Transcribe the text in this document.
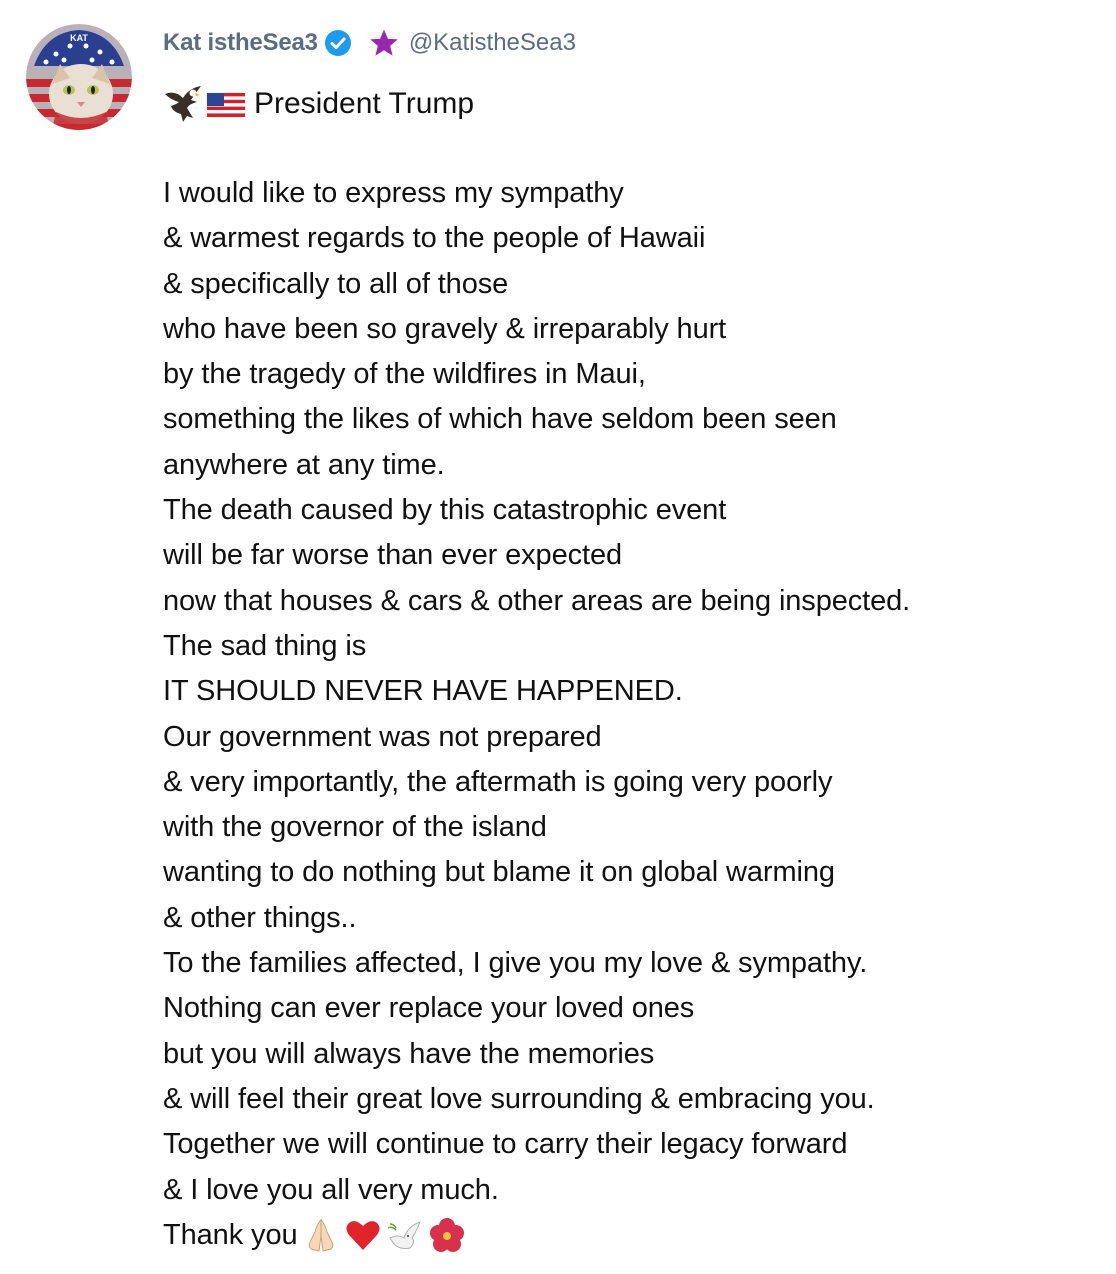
KAT	Kat istheSea3	@KatistheSea3
President Trump
I would like to express my sympathy
& warmest regards to the people of Hawaii
& specifically to all of those
who have been so gravely & irreparably hurt
by the tragedy of the wildfires in Maui,
something the likes of which have seldom been seen
anywhere at any time.
The death caused by this catastrophic event
will be far worse than ever expected
now that houses & cars & other areas are being inspected.
The sad thing is
IT SHOULD NEVER HAVE HAPPENED.
Our government was not prepared
& very importantly, the aftermath is going very poorly
with the governor of the island
wanting to do nothing but blame it on global warming
& other things..
To the families affected, I give you my love & sympathy.
Nothing can ever replace your loved ones
but you will always have the memories
& will feel their great love surrounding & embracing you.
Together we will continue to carry their legacy forward
& I love you all very much.
Thank you
